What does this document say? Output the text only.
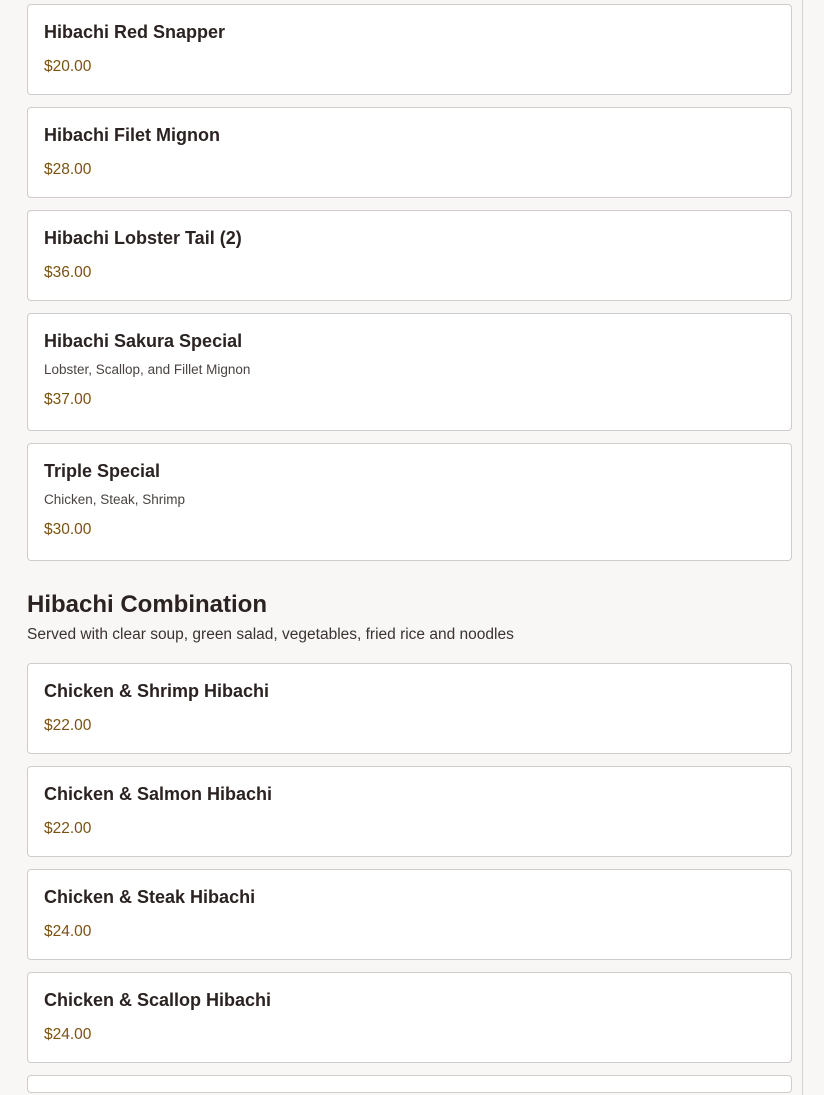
Hibachi Red Snapper
$20.00
Hibachi Filet Mignon
$28.00
Hibachi Lobster Tail (2)
$36.00
Hibachi Sakura Special
Lobster, Scallop, and Fillet Mignon
$37.00
Triple Special
Chicken, Steak, Shrimp
$30.00
Hibachi Combination
Served with clear soup, green salad, vegetables, fried rice and noodles
Chicken & Shrimp Hibachi
$22.00
Chicken & Salmon Hibachi
$22.00
Chicken & Steak Hibachi
$24.00
Chicken & Scallop Hibachi
$24.00
